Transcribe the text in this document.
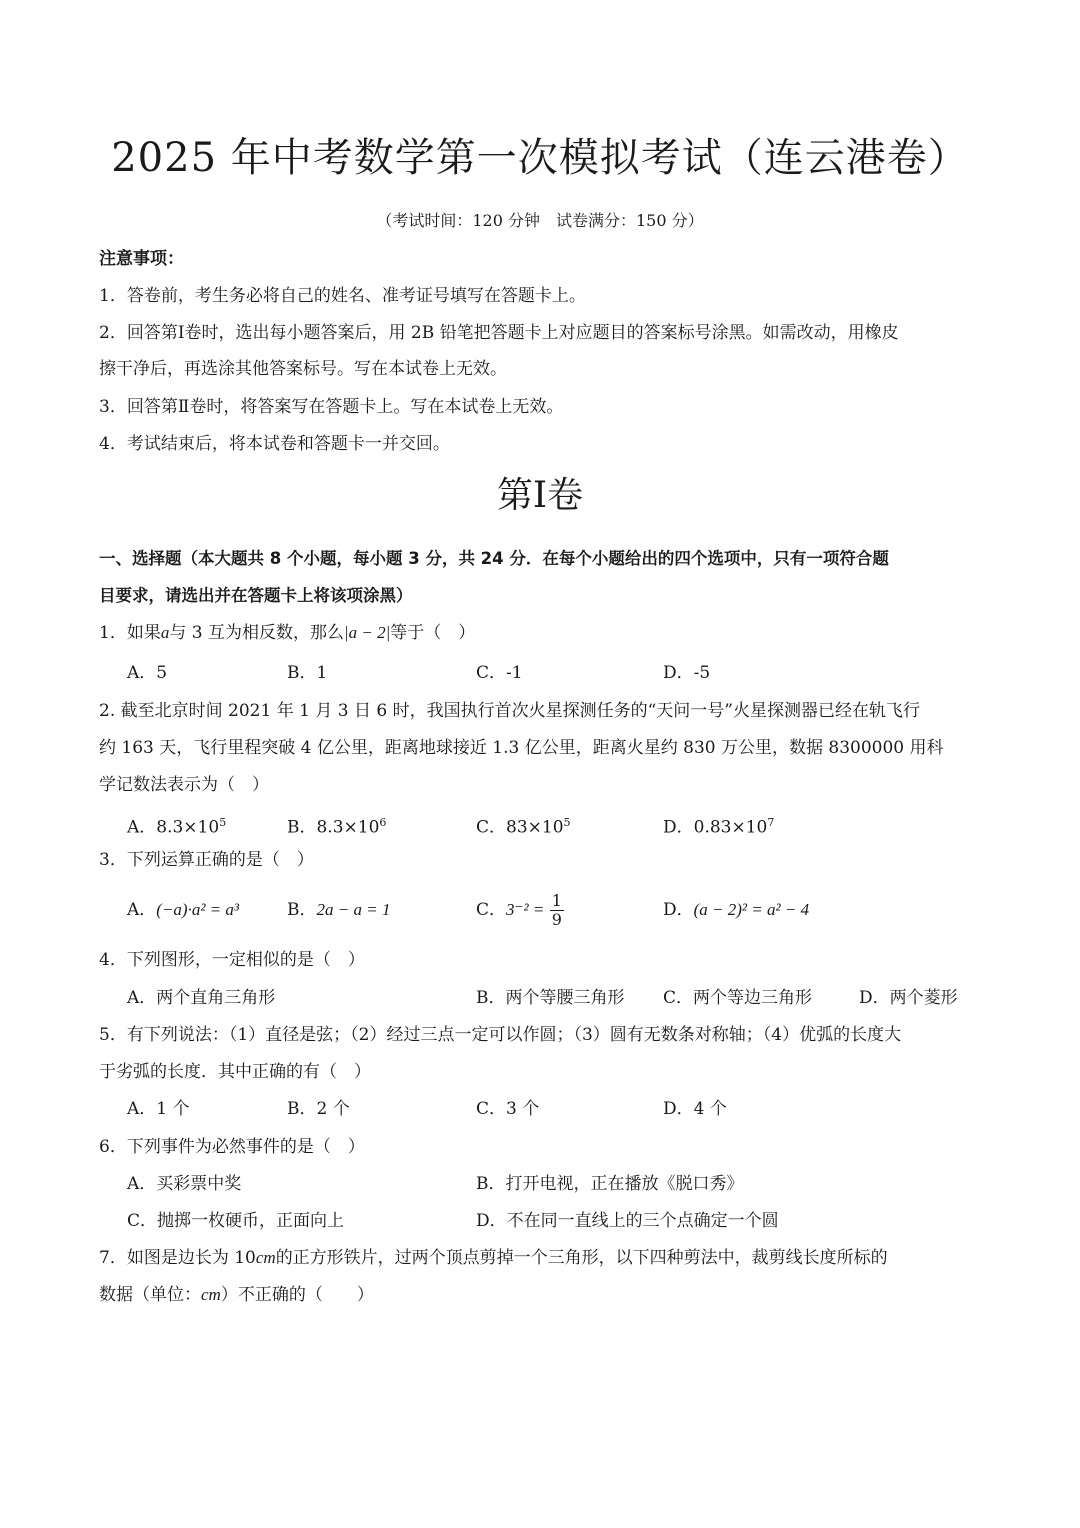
2025 年中考数学第一次模拟考试（连云港卷）
（考试时间：120 分钟　试卷满分：150 分）
注意事项：
1．答卷前，考生务必将自己的姓名、准考证号填写在答题卡上。
2．回答第Ⅰ卷时，选出每小题答案后，用 2B 铅笔把答题卡上对应题目的答案标号涂黑。如需改动，用橡皮
擦干净后，再选涂其他答案标号。写在本试卷上无效。
3．回答第Ⅱ卷时，将答案写在答题卡上。写在本试卷上无效。
4．考试结束后，将本试卷和答题卡一并交回。
第Ⅰ卷
一、选择题（本大题共 8 个小题，每小题 3 分，共 24 分．在每个小题给出的四个选项中，只有一项符合题
目要求，请选出并在答题卡上将该项涂黑）
1．如果a与 3 互为相反数，那么|a − 2|等于（　）
A．5	B．1	C．-1	D．-5
2. 截至北京时间 2021 年 1 月 3 日 6 时，我国执行首次火星探测任务的“天问一号”火星探测器已经在轨飞行
约 163 天，飞行里程突破 4 亿公里，距离地球接近 1.3 亿公里，距离火星约 830 万公里，数据 8300000 用科
学记数法表示为（　）
A．$8.3\times 10^5$	B．$8.3\times 10^6$	C．$83\times 10^5$	D．$0.83\times 10^7$
3．下列运算正确的是（　）
A．(−a)·a² = a³	B．2a − a = 1	C．$3^{-2} = \frac{1}{9}$	D．(a − 2)² = a² − 4
4．下列图形，一定相似的是（　）
A．两个直角三角形	B．两个等腰三角形 C．两个等边三角形	D．两个菱形
5．有下列说法：（1）直径是弦；（2）经过三点一定可以作圆；（3）圆有无数条对称轴；（4）优弧的长度大
于劣弧的长度．其中正确的有（　）
A．1 个	B．2 个	C．3 个	D．4 个
6．下列事件为必然事件的是（　）
A．买彩票中奖	B．打开电视，正在播放《脱口秀》
C．抛掷一枚硬币，正面向上	D．不在同一直线上的三个点确定一个圆
7．如图是边长为 10cm的正方形铁片，过两个顶点剪掉一个三角形，以下四种剪法中，裁剪线长度所标的
数据（单位：cm）不正确的（　　）
